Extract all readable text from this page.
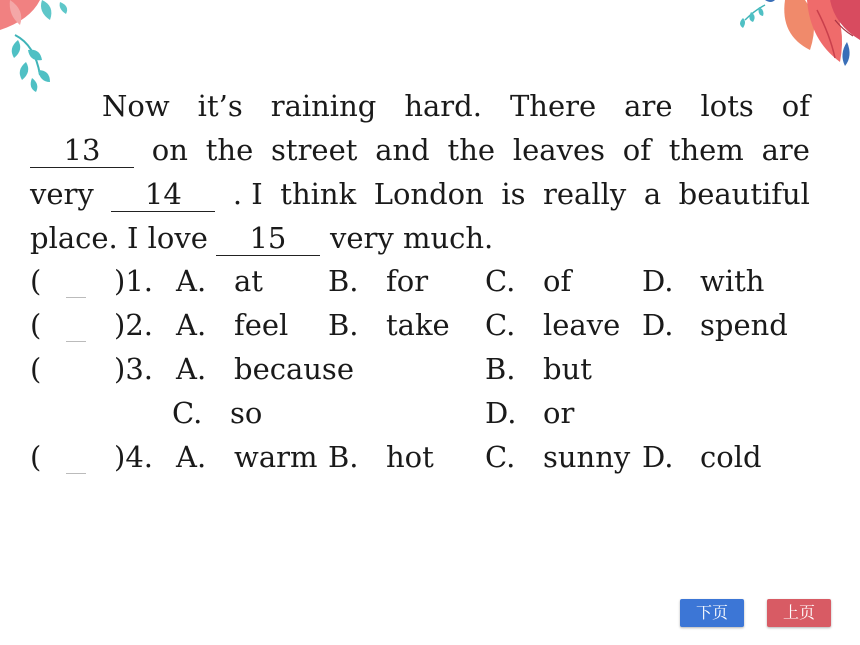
Now it’s raining hard. There are lots of
13	on the street and the leaves of them are
very	14	. I think London is really a beautiful
place. I love	15	very much.
(	)1. A. at B. for C. of D. with
(	)2. A. feel B. take C. leave D. spend
(	)3. A. because	B. but
C. so	D. or
(	)4. A. warm B. hot C. sunny D. cold
下页	上页
